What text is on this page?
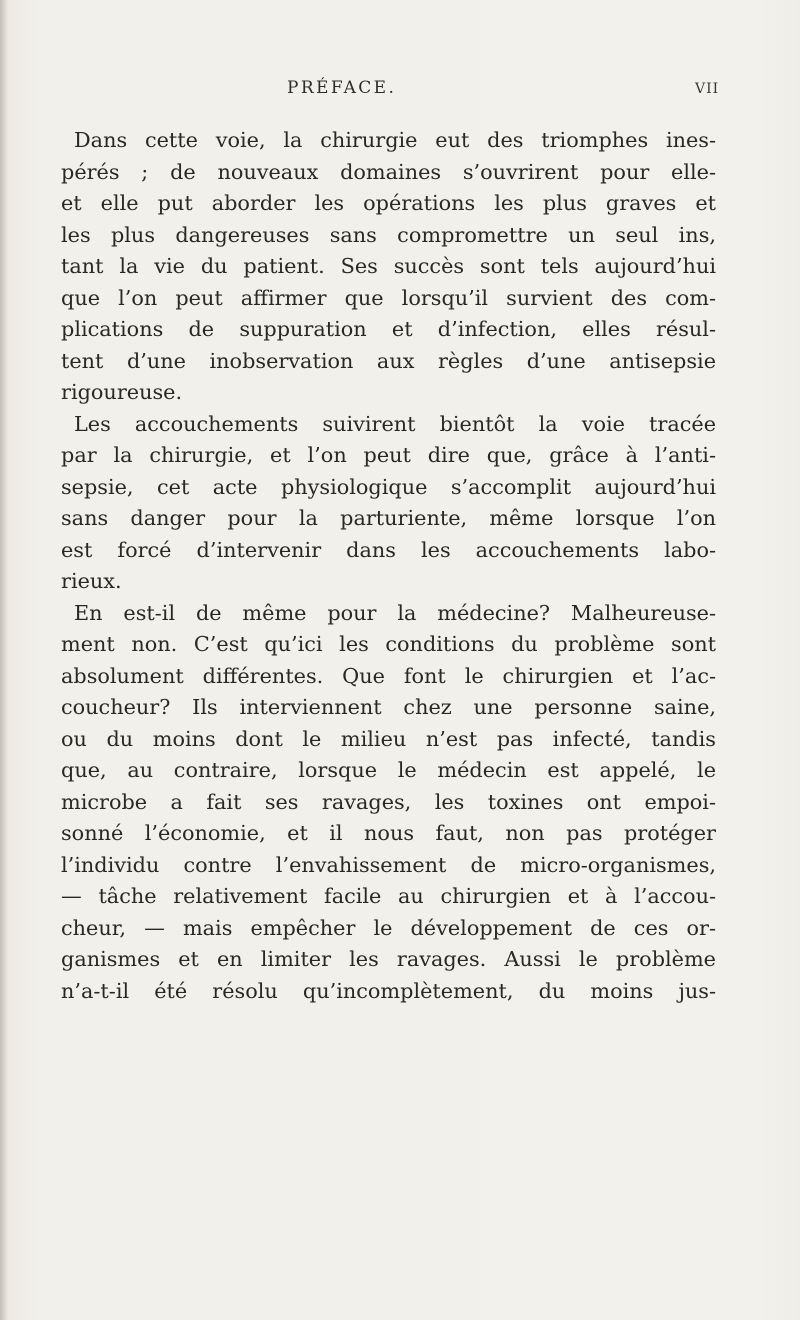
PRÉFACE.	VII
Dans cette voie, la chirurgie eut des triomphes ines-
pérés ; de nouveaux domaines s’ouvrirent pour elle-
et elle put aborder les opérations les plus graves et
les plus dangereuses sans compromettre un seul ins,
tant la vie du patient. Ses succès sont tels aujourd’hui
que l’on peut affirmer que lorsqu’il survient des com-
plications de suppuration et d’infection, elles résul-
tent d’une inobservation aux règles d’une antisepsie
rigoureuse.
Les accouchements suivirent bientôt la voie tracée
par la chirurgie, et l’on peut dire que, grâce à l’anti-
sepsie, cet acte physiologique s’accomplit aujourd’hui
sans danger pour la parturiente, même lorsque l’on
est forcé d’intervenir dans les accouchements labo-
rieux.
En est-il de même pour la médecine? Malheureuse-
ment non. C’est qu’ici les conditions du problème sont
absolument différentes. Que font le chirurgien et l’ac-
coucheur? Ils interviennent chez une personne saine,
ou du moins dont le milieu n’est pas infecté, tandis
que, au contraire, lorsque le médecin est appelé, le
microbe a fait ses ravages, les toxines ont empoi-
sonné l’économie, et il nous faut, non pas protéger
l’individu contre l’envahissement de micro-organismes,
— tâche relativement facile au chirurgien et à l’accou-
cheur, — mais empêcher le développement de ces or-
ganismes et en limiter les ravages. Aussi le problème
n’a-t-il été résolu qu’incomplètement, du moins jus-
